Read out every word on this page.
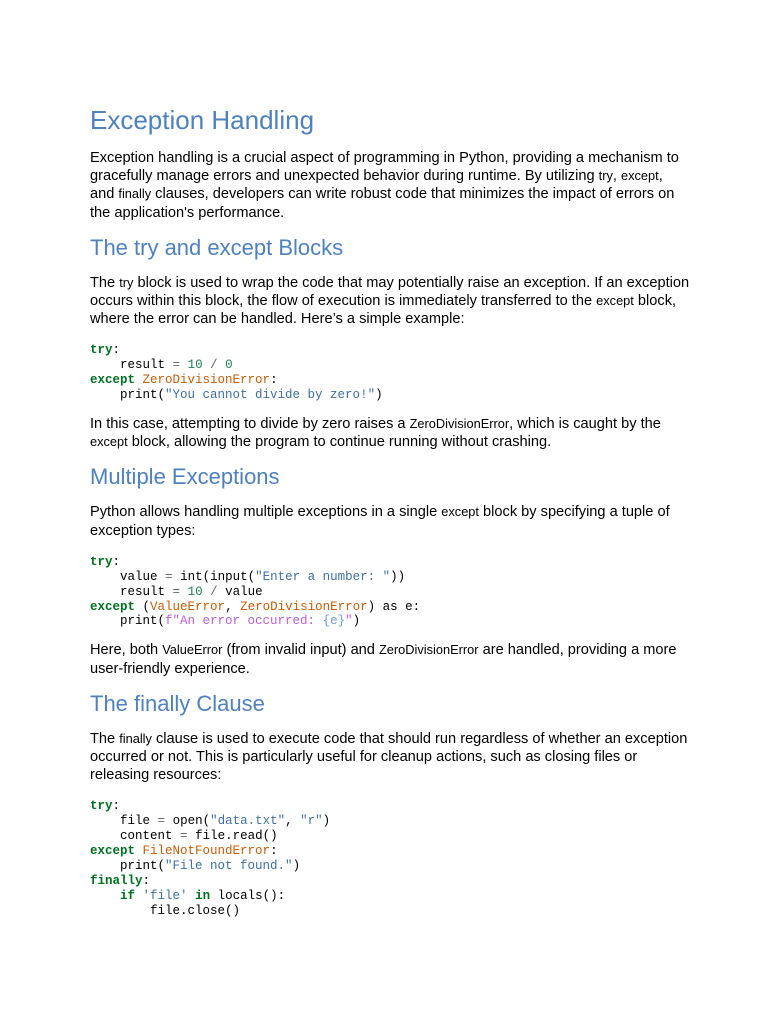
Exception Handling

Exception handling is a crucial aspect of programming in Python, providing a mechanism to gracefully manage errors and unexpected behavior during runtime. By utilizing try, except, and finally clauses, developers can write robust code that minimizes the impact of errors on the application's performance.

The try and except Blocks

The try block is used to wrap the code that may potentially raise an exception. If an exception occurs within this block, the flow of execution is immediately transferred to the except block, where the error can be handled. Here’s a simple example:

try:
result = 10 / 0
except ZeroDivisionError:
print("You cannot divide by zero!")

In this case, attempting to divide by zero raises a ZeroDivisionError, which is caught by the except block, allowing the program to continue running without crashing.

Multiple Exceptions

Python allows handling multiple exceptions in a single except block by specifying a tuple of exception types:

try:
value = int(input("Enter a number: "))
result = 10 / value
except (ValueError, ZeroDivisionError) as e:
print(f"An error occurred: {e}")

Here, both ValueError (from invalid input) and ZeroDivisionError are handled, providing a more user-friendly experience.

The finally Clause

The finally clause is used to execute code that should run regardless of whether an exception occurred or not. This is particularly useful for cleanup actions, such as closing files or releasing resources:

try:
file = open("data.txt", "r")
content = file.read()
except FileNotFoundError:
print("File not found.")
finally:
if 'file' in locals():
file.close()
